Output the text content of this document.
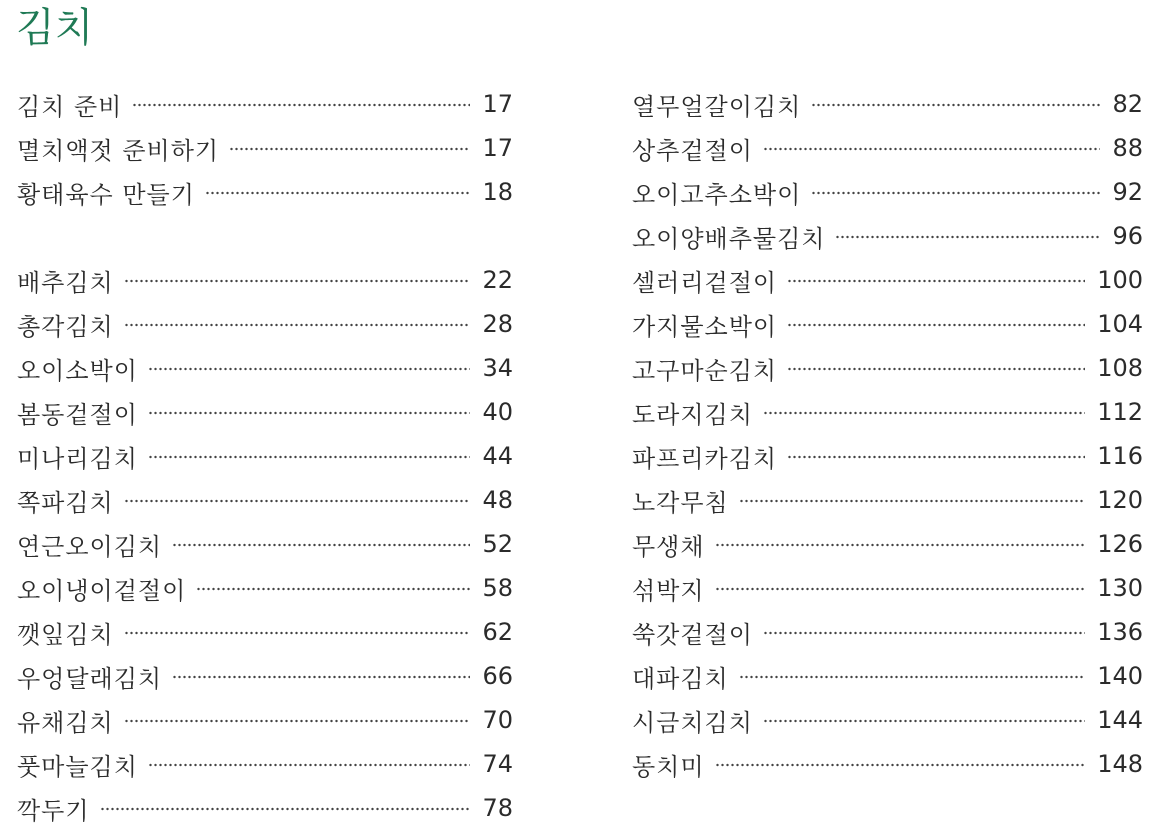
김치
김치 준비	17
멸치액젓 준비하기	17
황태육수 만들기	18
배추김치	22
총각김치	28
오이소박이	34
봄동겉절이	40
미나리김치	44
쪽파김치	48
연근오이김치	52
오이냉이겉절이	58
깻잎김치	62
우엉달래김치	66
유채김치	70
풋마늘김치	74
깍두기	78
열무얼갈이김치	82
상추겉절이	88
오이고추소박이	92
오이양배추물김치	96
셀러리겉절이	100
가지물소박이	104
고구마순김치	108
도라지김치	112
파프리카김치	116
노각무침	120
무생채	126
섞박지	130
쑥갓겉절이	136
대파김치	140
시금치김치	144
동치미	148
